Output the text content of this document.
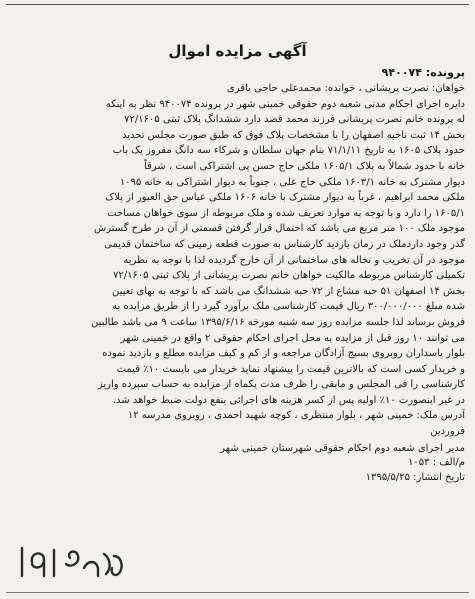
آگهی مزایده اموال
پرونده: ۹۴۰۰۷۴
خواهان: نصرت پریشانی ، خوانده: محمدعلی حاجی باقری
دایره اجرای احکام مدنی شعبه دوم حقوقی خمینی شهر در پرونده ۹۴۰۰۷۴ نظر به اینکه
له پرونده خانم نصرت پریشانی فرزند محمد قصد دارد ششدانگ پلاک ثبتی ۷۲/۱۶۰۵
بخش ۱۴ ثبت ناحیه اصفهان را با مشخصات پلاک فوق که طبق صورت مجلس تحدید
حدود پلاک ۱۶۰۵ به تاریخ ۷۱/۱/۱۱ بنام جهان سلطان و شرکاء سه دانگ مفروز یک باب
خانه با حدود شمالاً به پلاک ۱۶۰۵/۱ ملکی حاج حسن پی اشتراکی است ، شرقاً
دیوار مشترک به خانه ۱۶۰۳/۱ ملکی حاج علی ، جنوباً به دیوار اشتراکی به خانه ۱۰۹۵
ملکی محمد ابراهیم ، غرباً به دیوار مشترک با خانه ۱۶۰۶ ملکی عباس حق العبور از پلاک
۱۶۰۵/۱ را دارد و با توجه به موارد تعریف شده و ملک مربوطه از سوی خواهان مساحت
موجود ملک ۱۰۰ متر مربع می باشد که احتمال قرار گرفتن قسمتی از آن در طرح گسترش
گذر وجود داردملک در زمان بازدید کارشناس به صورت قطعه زمینی که ساختمان قدیمی
موجود در آن تخریب و نخاله های ساختمانی از آن خارج گردیده لذا با توجه به نظریه
تکمیلی کارشناس مربوطه مالکیت خواهان خانم نصرت پریشانی از پلاک ثبتی ۷۲/۱۶۰۵
بخش ۱۴ اصفهان ۵۱ حبه مشاع از ۷۲ حبه ششدانگ می باشد که با توجه به بهای تعیین
شده مبلغ ۳۰۰/۰۰۰/۰۰۰ ریال قیمت کارشناسی ملک برآورد گیرد را از طریق مزایده به
فروش برساند لذا جلسه مزایده روز سه شنبه مورخه ۱۳۹۵/۶/۱۶ ساعت ۹ می باشد طالبین
می توانند ۱۰ روز قبل از مزایده به محل اجرای احکام حقوقی ۲ واقع در خمینی شهر
بلوار پاسداران روبروی بسیج آزادگان مراجعه و از کم و کیف مزایده مطلع و بازدید نموده
و خریدار کسی است که بالاترین قیمت را پیشنهاد نماید خریدار می بایست ۱۰٪ قیمت
کارشناسی را فی المجلس و مابقی را ظرف مدت یکماه از مزایده به حساب سپرده واریز
در غیر اینصورت ۱۰٪ اولیه پس از کسر هزینه های اجرائی بنفع دولت ضبط خواهد شد.
آدرس ملک: خمینی شهر ، بلوار منتظری ، کوچه شهید احمدی ، روبروی مدرسه ۱۲
فروردین
مدیر اجرای شعبه دوم احکام حقوقی شهرستان خمینی شهر
م/الف : ۱۰۵۳
تاریخ انتشار: ۱۳۹۵/۵/۲۵
